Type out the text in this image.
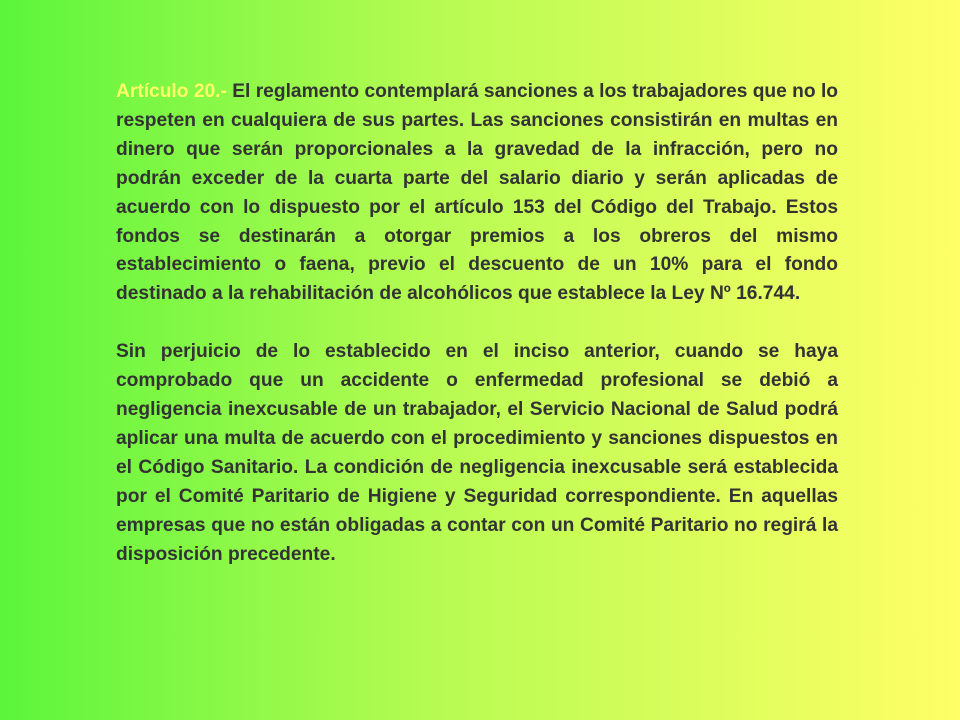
Artículo 20.- El reglamento contemplará sanciones a los trabajadores que no lo respeten en cualquiera de sus partes. Las sanciones consistirán en multas en dinero que serán proporcionales a la gravedad de la infracción, pero no podrán exceder de la cuarta parte del salario diario y serán aplicadas de acuerdo con lo dispuesto por el artículo 153 del Código del Trabajo. Estos fondos se destinarán a otorgar premios a los obreros del mismo establecimiento o faena, previo el descuento de un 10% para el fondo destinado a la rehabilitación de alcohólicos que establece la Ley Nº 16.744.

Sin perjuicio de lo establecido en el inciso anterior, cuando se haya comprobado que un accidente o enfermedad profesional se debió a negligencia inexcusable de un trabajador, el Servicio Nacional de Salud podrá aplicar una multa de acuerdo con el procedimiento y sanciones dispuestos en el Código Sanitario. La condición de negligencia inexcusable será establecida por el Comité Paritario de Higiene y Seguridad correspondiente. En aquellas empresas que no están obligadas a contar con un Comité Paritario no regirá la disposición precedente.
